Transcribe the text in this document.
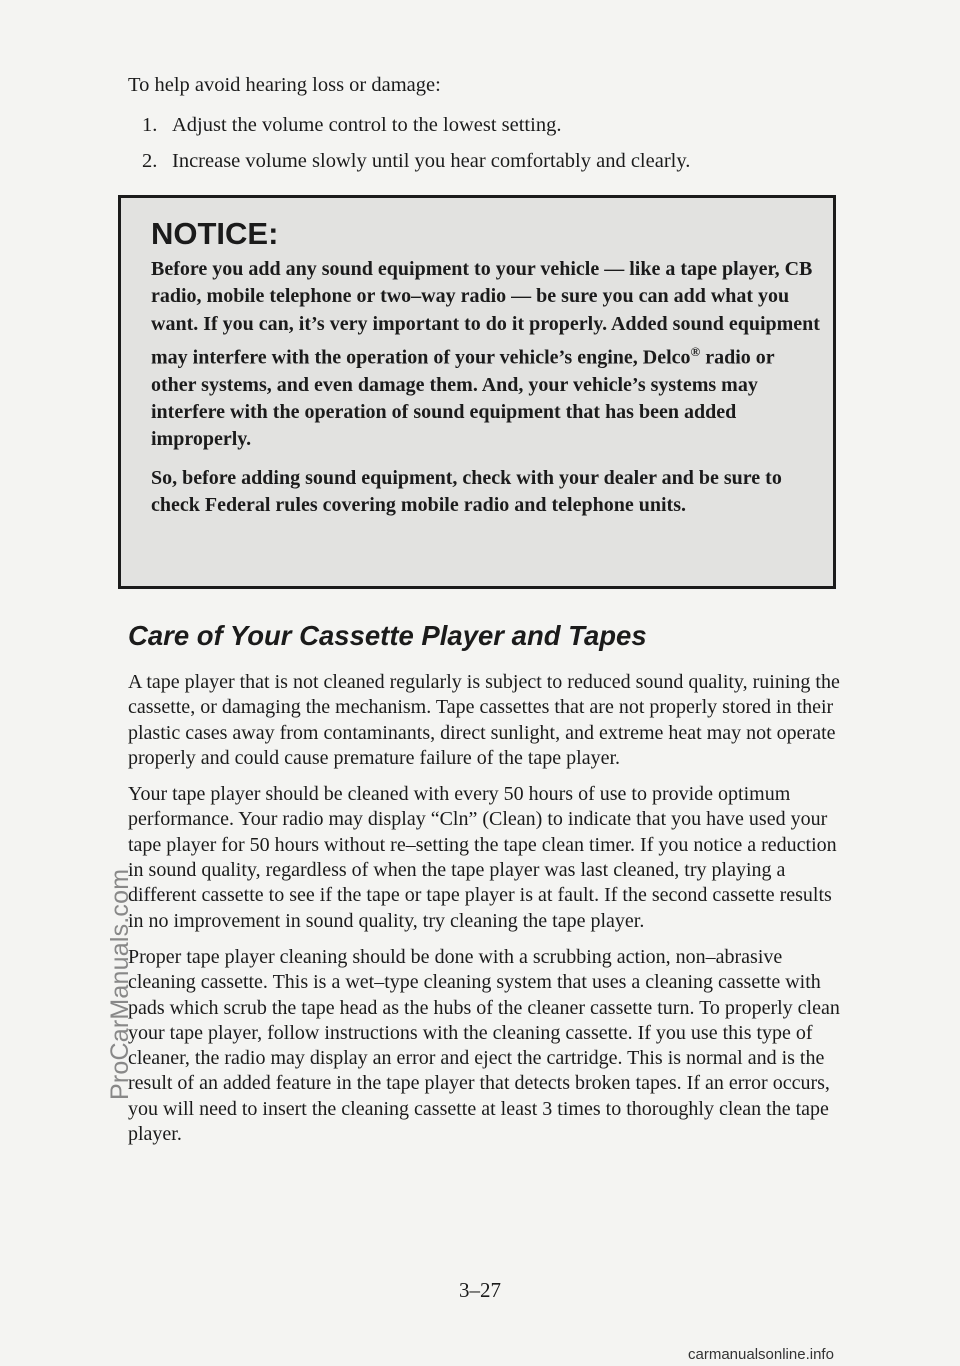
ProCarManuals.com
To help avoid hearing loss or damage:
1. Adjust the volume control to the lowest setting.
2. Increase volume slowly until you hear comfortably and clearly.
NOTICE:

Before you add any sound equipment to your vehicle — like a tape player, CB radio, mobile telephone or two–way radio — be sure you can add what you want. If you can, it’s very important to do it properly. Added sound equipment may interfere with the operation of your vehicle’s engine, Delco® radio or other systems, and even damage them. And, your vehicle’s systems may interfere with the operation of sound equipment that has been added improperly.

So, before adding sound equipment, check with your dealer and be sure to check Federal rules covering mobile radio and telephone units.

Care of Your Cassette Player and Tapes

A tape player that is not cleaned regularly is subject to reduced sound quality, ruining the cassette, or damaging the mechanism. Tape cassettes that are not properly stored in their plastic cases away from contaminants, direct sunlight, and extreme heat may not operate properly and could cause premature failure of the tape player.

Your tape player should be cleaned with every 50 hours of use to provide optimum performance. Your radio may display “Cln” (Clean) to indicate that you have used your tape player for 50 hours without re–setting the tape clean timer. If you notice a reduction in sound quality, regardless of when the tape player was last cleaned, try playing a different cassette to see if the tape or tape player is at fault. If the second cassette results in no improvement in sound quality, try cleaning the tape player.

Proper tape player cleaning should be done with a scrubbing action, non–abrasive cleaning cassette. This is a wet–type cleaning system that uses a cleaning cassette with pads which scrub the tape head as the hubs of the cleaner cassette turn. To properly clean your tape player, follow instructions with the cleaning cassette. If you use this type of cleaner, the radio may display an error and eject the cartridge. This is normal and is the result of an added feature in the tape player that detects broken tapes. If an error occurs, you will need to insert the cleaning cassette at least 3 times to thoroughly clean the tape player.

3–27
carmanualsonline.info
